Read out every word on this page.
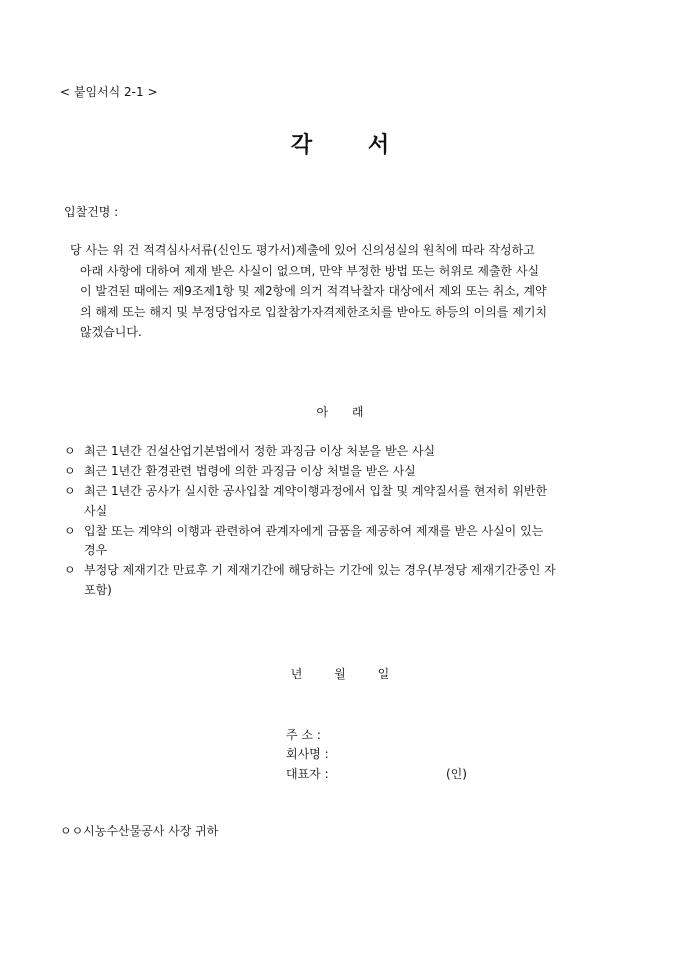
< 붙임서식 2-1 >
각	서
입찰건명 :
당 사는 위 건 적격심사서류(신인도 평가서)제출에 있어 신의성실의 원칙에 따라 작성하고
아래 사항에 대하여 제재 받은 사실이 없으며, 만약 부정한 방법 또는 허위로 제출한 사실
이 발견된 때에는 제9조제1항 및 제2항에 의거 적격낙찰자 대상에서 제외 또는 취소, 계약
의 해제 또는 해지 및 부정당업자로 입찰참가자격제한조치를 받아도 하등의 이의를 제기치
않겠습니다.
아 래
ㅇ 최근 1년간 건설산업기본법에서 정한 과징금 이상 처분을 받은 사실
ㅇ 최근 1년간 환경관련 법령에 의한 과징금 이상 처벌을 받은 사실
ㅇ 최근 1년간 공사가 실시한 공사입찰 계약이행과정에서 입찰 및 계약질서를 현저히 위반한
사실
ㅇ 입찰 또는 계약의 이행과 관련하여 관계자에게 금품을 제공하여 제재를 받은 사실이 있는
경우
ㅇ 부정당 제재기간 만료후 기 제재기간에 해당하는 기간에 있는 경우(부정당 제재기간중인 자
포함)
년	월	일
주 소 :
회사명 :
대표자 :	(인)
ㅇㅇ시농수산물공사 사장 귀하
